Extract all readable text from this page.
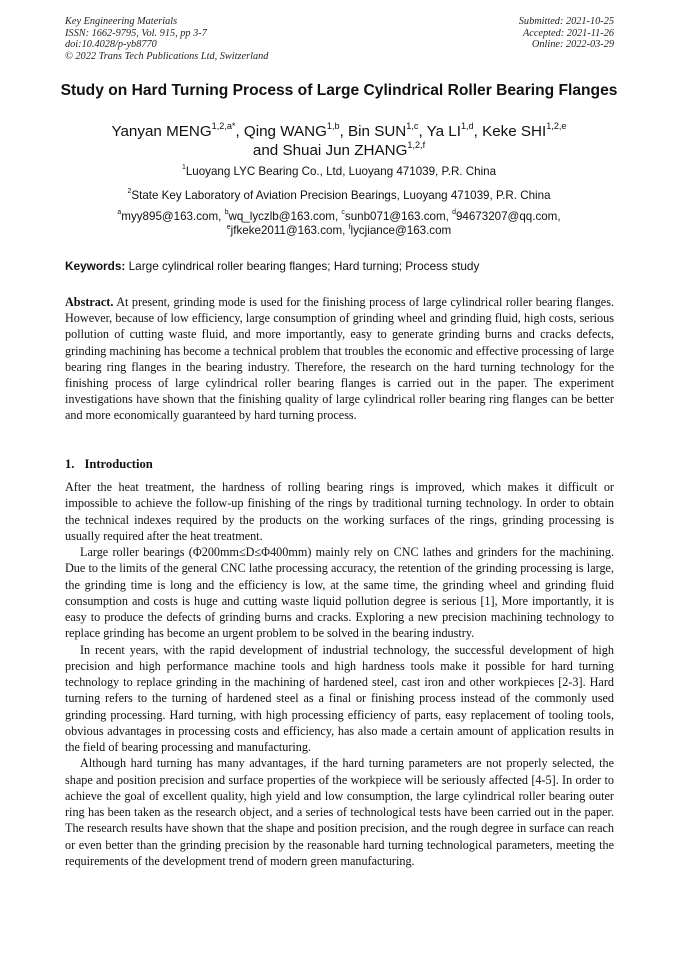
Key Engineering Materials
ISSN: 1662-9795, Vol. 915, pp 3-7
doi:10.4028/p-yb8770
© 2022 Trans Tech Publications Ltd, Switzerland
Submitted: 2021-10-25
Accepted: 2021-11-26
Online: 2022-03-29
Study on Hard Turning Process of Large Cylindrical Roller Bearing Flanges
Yanyan $MENG^{1,2,a*}$, Qing WANG$^{1,b}$, Bin SUN$^{1,c}$, Ya LI$^{1,d}$, Keke SHI$^{1,2,e}$
and Shuai Jun ZHANG$^{1,2,f}$
$^1$Luoyang LYC Bearing Co., Ltd, Luoyang 471039, P.R. China
$^2$State Key Laboratory of Aviation Precision Bearings, Luoyang 471039, P.R. China
$^a$myy895@163.com, $^b$wq_lyczlb@163.com, $^c$sunb071@163.com, $^d$94673207@qq.com,
$^e$jfkeke2011@163.com, $^f$lycjiance@163.com
Keywords: Large cylindrical roller bearing flanges; Hard turning; Process study
Abstract. At present, grinding mode is used for the finishing process of large cylindrical roller bearing flanges. However, because of low efficiency, large consumption of grinding wheel and grinding fluid, high costs, serious pollution of cutting waste fluid, and more importantly, easy to generate grinding burns and cracks defects, grinding machining has become a technical problem that troubles the economic and effective processing of large bearing ring flanges in the bearing industry. Therefore, the research on the hard turning technology for the finishing process of large cylindrical roller bearing flanges is carried out in the paper. The experiment investigations have shown that the finishing quality of large cylindrical roller bearing ring flanges can be better and more economically guaranteed by hard turning process.
1. Introduction

After the heat treatment, the hardness of rolling bearing rings is improved, which makes it difficult or impossible to achieve the follow-up finishing of the rings by traditional turning technology. In order to obtain the technical indexes required by the products on the working surfaces of the rings, grinding processing is usually required after the heat treatment.

Large roller bearings (Φ200mm≤D≤Φ400mm) mainly rely on CNC lathes and grinders for the machining. Due to the limits of the general CNC lathe processing accuracy, the retention of the grinding processing is large, the grinding time is long and the efficiency is low, at the same time, the grinding wheel and grinding fluid consumption and costs is huge and cutting waste liquid pollution degree is serious [1], More importantly, it is easy to produce the defects of grinding burns and cracks. Exploring a new precision machining technology to replace grinding has become an urgent problem to be solved in the bearing industry.

In recent years, with the rapid development of industrial technology, the successful development of high precision and high performance machine tools and high hardness tools make it possible for hard turning technology to replace grinding in the machining of hardened steel, cast iron and other workpieces [2-3]. Hard turning refers to the turning of hardened steel as a final or finishing process instead of the commonly used grinding processing. Hard turning, with high processing efficiency of parts, easy replacement of tooling tools, obvious advantages in processing costs and efficiency, has also made a certain amount of application results in the field of bearing processing and manufacturing.

Although hard turning has many advantages, if the hard turning parameters are not properly selected, the shape and position precision and surface properties of the workpiece will be seriously affected [4-5]. In order to achieve the goal of excellent quality, high yield and low consumption, the large cylindrical roller bearing outer ring has been taken as the research object, and a series of technological tests have been carried out in the paper. The research results have shown that the shape and position precision, and the rough degree in surface can reach or even better than the grinding precision by the reasonable hard turning technological parameters, meeting the requirements of the development trend of modern green manufacturing.
